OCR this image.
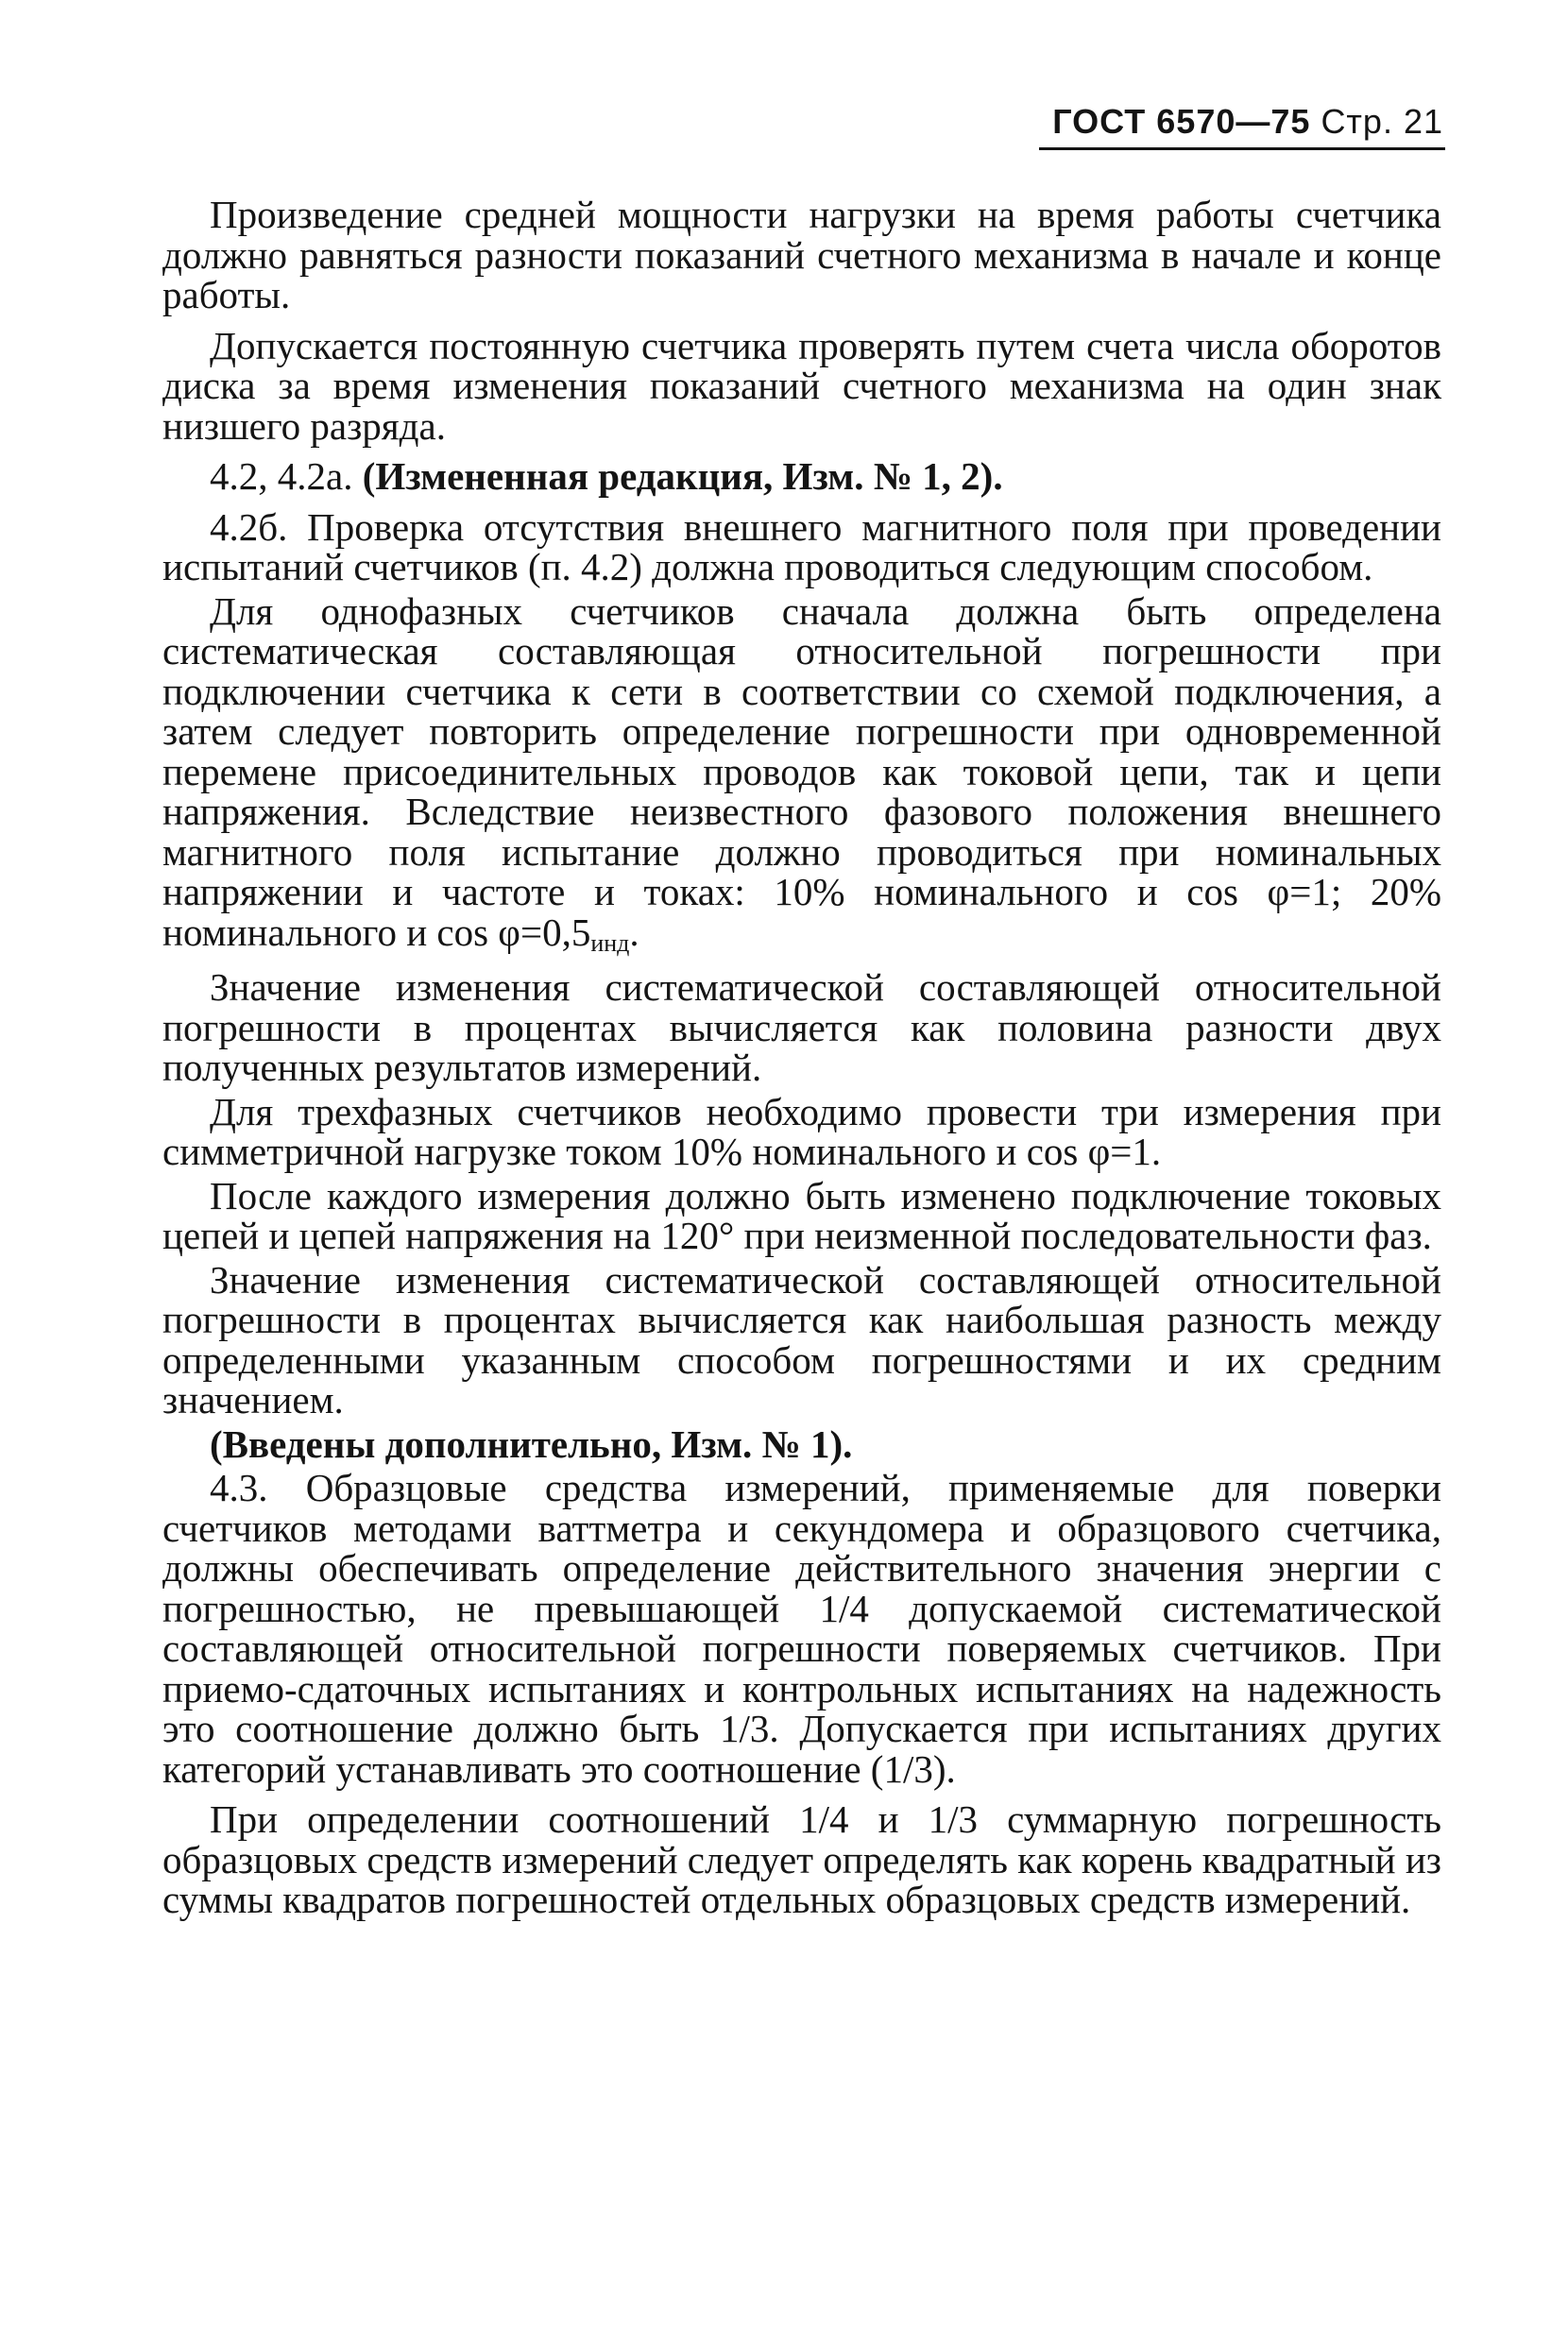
ГОСТ 6570—75 Стр. 21

Произведение средней мощности нагрузки на время работы счетчика должно равняться разности показаний счетного механизма в начале и конце работы.

Допускается постоянную счетчика проверять путем счета числа оборотов диска за время изменения показаний счетного механизма на один знак низшего разряда.

4.2, 4.2а. (Измененная редакция, Изм. № 1, 2).

4.2б. Проверка отсутствия внешнего магнитного поля при проведении испытаний счетчиков (п. 4.2) должна проводиться следующим способом.

Для однофазных счетчиков сначала должна быть определена систематическая составляющая относительной погрешности при подключении счетчика к сети в соответствии со схемой подключения, а затем следует повторить определение погрешности при одновременной перемене присоединительных проводов как токовой цепи, так и цепи напряжения. Вследствие неизвестного фазового положения внешнего магнитного поля испытание должно проводиться при номинальных напряжении и частоте и токах: 10% номинального и cos φ=1; 20% номинального и $\cos \varphi=0,5_{инд}$.

Значение изменения систематической составляющей относительной погрешности в процентах вычисляется как половина разности двух полученных результатов измерений.

Для трехфазных счетчиков необходимо провести три измерения при симметричной нагрузке током 10% номинального и cos φ=1.

После каждого измерения должно быть изменено подключение токовых цепей и цепей напряжения на 120° при неизменной последовательности фаз.

Значение изменения систематической составляющей относительной погрешности в процентах вычисляется как наибольшая разность между определенными указанным способом погрешностями и их средним значением.

(Введены дополнительно, Изм. № 1).

4.3. Образцовые средства измерений, применяемые для поверки счетчиков методами ваттметра и секундомера и образцового счетчика, должны обеспечивать определение действительного значения энергии с погрешностью, не превышающей 1/4 допускаемой систематической составляющей относительной погрешности поверяемых счетчиков. При приемо-сдаточных испытаниях и контрольных испытаниях на надежность это соотношение должно быть 1/3. Допускается при испытаниях других категорий устанавливать это соотношение (1/3).

При определении соотношений 1/4 и 1/3 суммарную погрешность образцовых средств измерений следует определять как корень квадратный из суммы квадратов погрешностей отдельных образцовых средств измерений.
